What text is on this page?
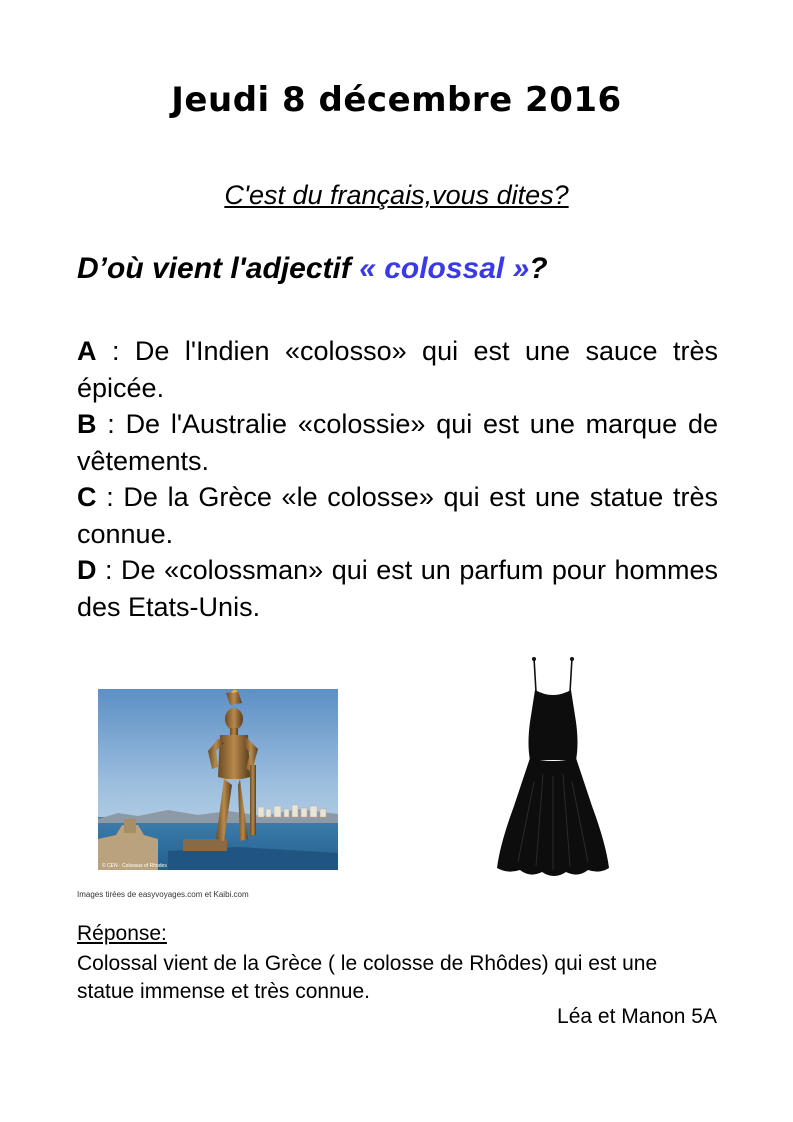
Jeudi 8 décembre 2016
C'est du français,vous dites?
D’où vient l'adjectif « colossal »?
A : De l'Indien «colosso» qui est une sauce très épicée.
B : De l'Australie «colossie» qui est une marque de vêtements.
C : De la Grèce «le colosse» qui est une statue très connue.
D : De «colossman» qui est un parfum pour hommes des Etats-Unis.
© CEN · Colossus of Rhodes
Images tirées de easyvoyages.com et Kaibi.com
Réponse:
Colossal vient de la Grèce ( le colosse de Rhôdes) qui est une statue immense et très connue.
Léa et Manon 5A
